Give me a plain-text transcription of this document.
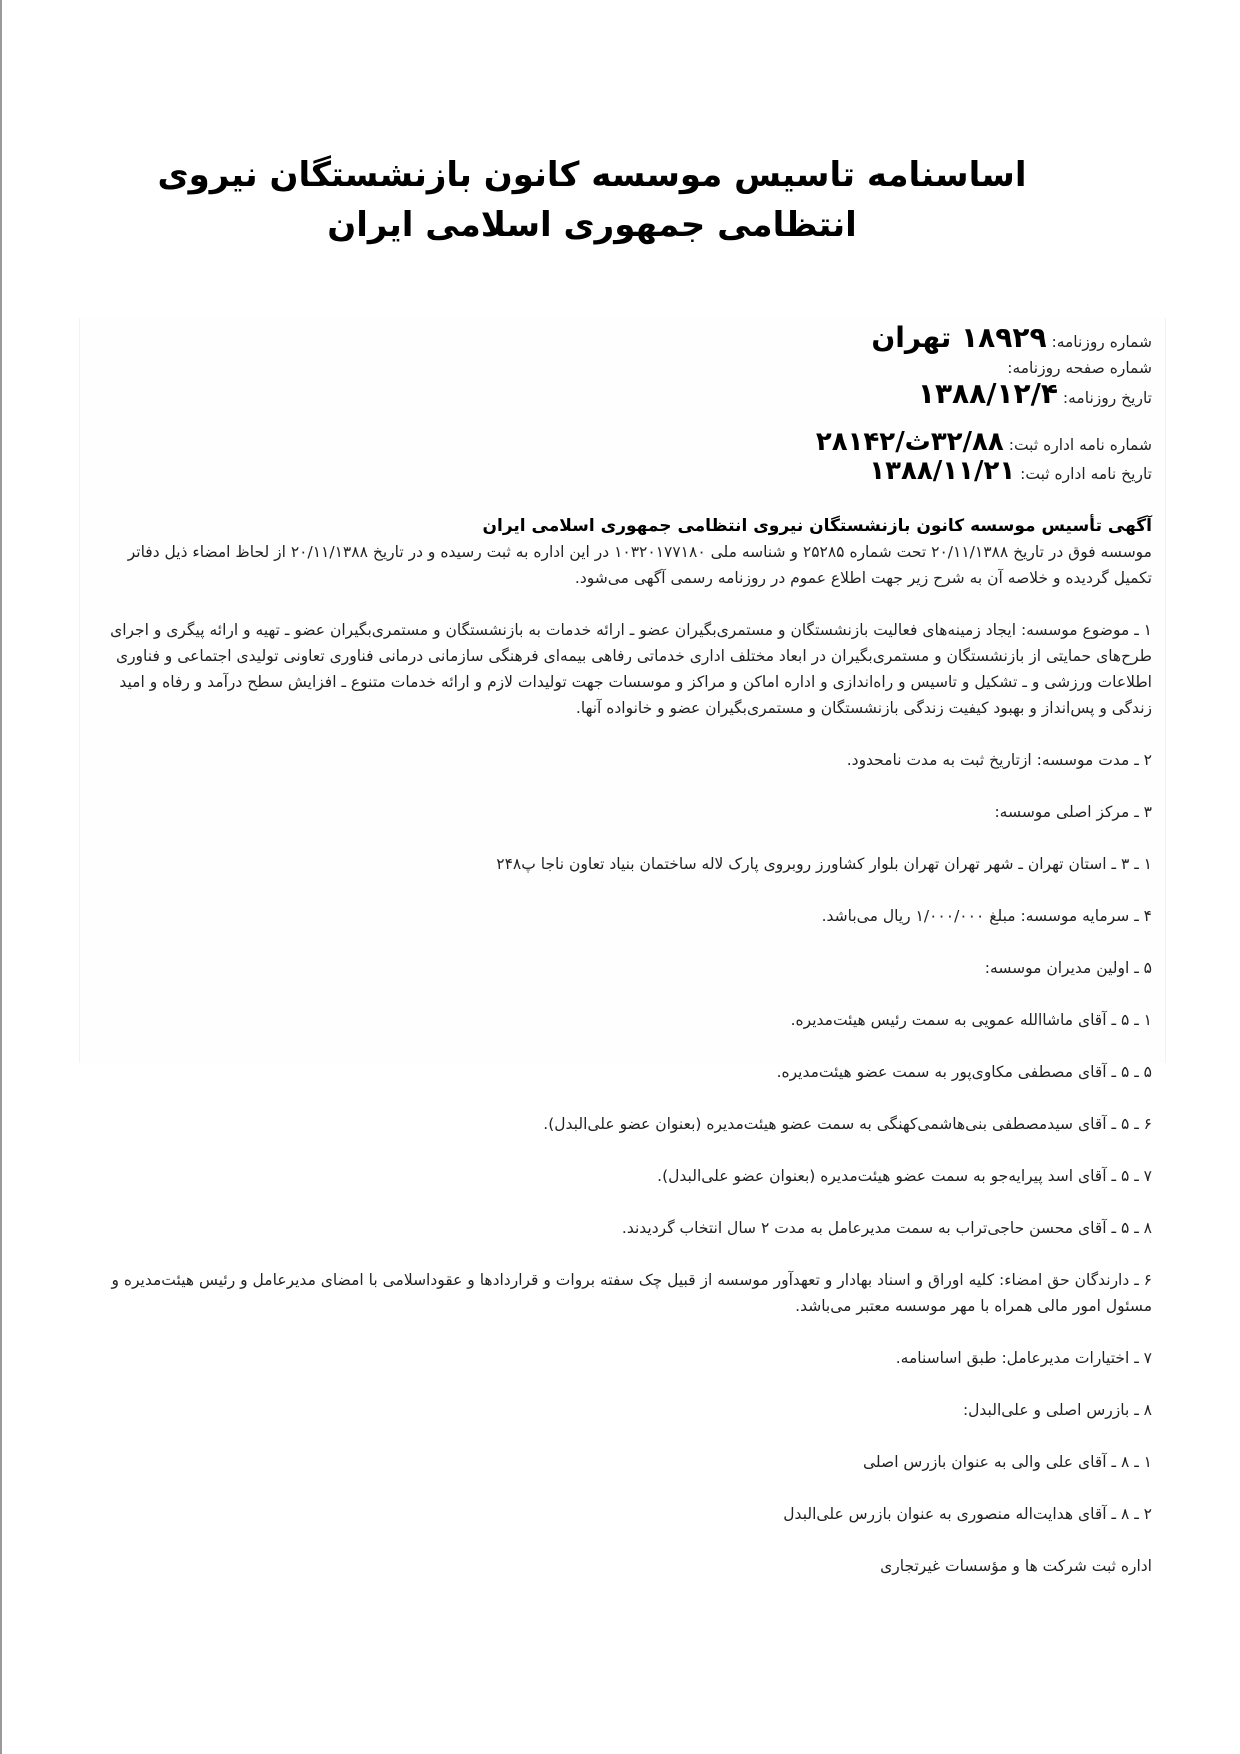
اساسنامه تاسیس موسسه کانون بازنشستگان نیروی
انتظامی جمهوری اسلامی ایران
شماره روزنامه: ۱۸۹۲۹ تهران
شماره صفحه روزنامه:
تاریخ روزنامه: ۱۳۸۸/۱۲/۴
شماره نامه اداره ثبت: ۳۲/۸۸ث/۲۸۱۴۲
تاریخ نامه اداره ثبت: ۱۳۸۸/۱۱/۲۱
آگهی تأسیس موسسه کانون بازنشستگان نیروی انتظامی جمهوری اسلامی ایران

موسسه فوق در تاریخ ۲۰/۱۱/۱۳۸۸ تحت شماره ۲۵۲۸۵ و شناسه ملی ۱۰۳۲۰۱۷۷۱۸۰ در این اداره به ثبت رسیده و در تاریخ ۲۰/۱۱/۱۳۸۸ از لحاظ امضاء ذیل دفاتر تکمیل گردیده و خلاصه آن به شرح زیر جهت اطلاع عموم در روزنامه رسمی آگهی می‌شود.

۱ ـ موضوع موسسه: ایجاد زمینه‌های فعالیت بازنشستگان و مستمری‌بگیران عضو ـ ارائه خدمات به بازنشستگان و مستمری‌بگیران عضو ـ تهیه و ارائه پیگری و اجرای طرح‌های حمایتی از بازنشستگان و مستمری‌بگیران در ابعاد مختلف اداری خدماتی رفاهی بیمه‌ای فرهنگی سازمانی درمانی فناوری تعاونی تولیدی اجتماعی و فناوری اطلاعات ورزشی و ـ تشکیل و تاسیس و راه‌اندازی و اداره اماکن و مراکز و موسسات جهت تولیدات لازم و ارائه خدمات متنوع ـ افزایش سطح درآمد و رفاه و امید زندگی و پس‌انداز و بهبود کیفیت زندگی بازنشستگان و مستمری‌بگیران عضو و خانواده آنها.
۲ ـ مدت موسسه: ازتاریخ ثبت به مدت نامحدود.
۳ ـ مرکز اصلی موسسه:
۱ ـ ۳ ـ استان تهران ـ شهر تهران تهران بلوار کشاورز روبروی پارک لاله ساختمان بنیاد تعاون ناجا پ۲۴۸
۴ ـ سرمایه موسسه: مبلغ ۱/۰۰۰/۰۰۰ ریال می‌باشد.
۵ ـ اولین مدیران موسسه:
۱ ـ ۵ ـ آقای ماشاالله عمویی به سمت رئیس هیئت‌مدیره.
۵ ـ ۵ ـ آقای مصطفی مکاوی‌پور به سمت عضو هیئت‌مدیره.
۶ ـ ۵ ـ آقای سیدمصطفی بنی‌هاشمی‌کهنگی به سمت عضو هیئت‌مدیره (بعنوان عضو علی‌البدل).
۷ ـ ۵ ـ آقای اسد پیرایه‌جو به سمت عضو هیئت‌مدیره (بعنوان عضو علی‌البدل).
۸ ـ ۵ ـ آقای محسن حاجی‌تراب به سمت مدیرعامل به مدت ۲ سال انتخاب گردیدند.
۶ ـ دارندگان حق امضاء: کلیه اوراق و اسناد بهادار و تعهدآور موسسه از قبیل چک سفته بروات و قراردادها و عقوداسلامی با امضای مدیرعامل و رئیس هیئت‌مدیره و مسئول امور مالی همراه با مهر موسسه معتبر می‌باشد.
۷ ـ اختیارات مدیرعامل: طبق اساسنامه.
۸ ـ بازرس اصلی و علی‌البدل:
۱ ـ ۸ ـ آقای علی والی به عنوان بازرس اصلی
۲ ـ ۸ ـ آقای هدایت‌اله منصوری به عنوان بازرس علی‌البدل
اداره ثبت شرکت ها و مؤسسات غیرتجاری
